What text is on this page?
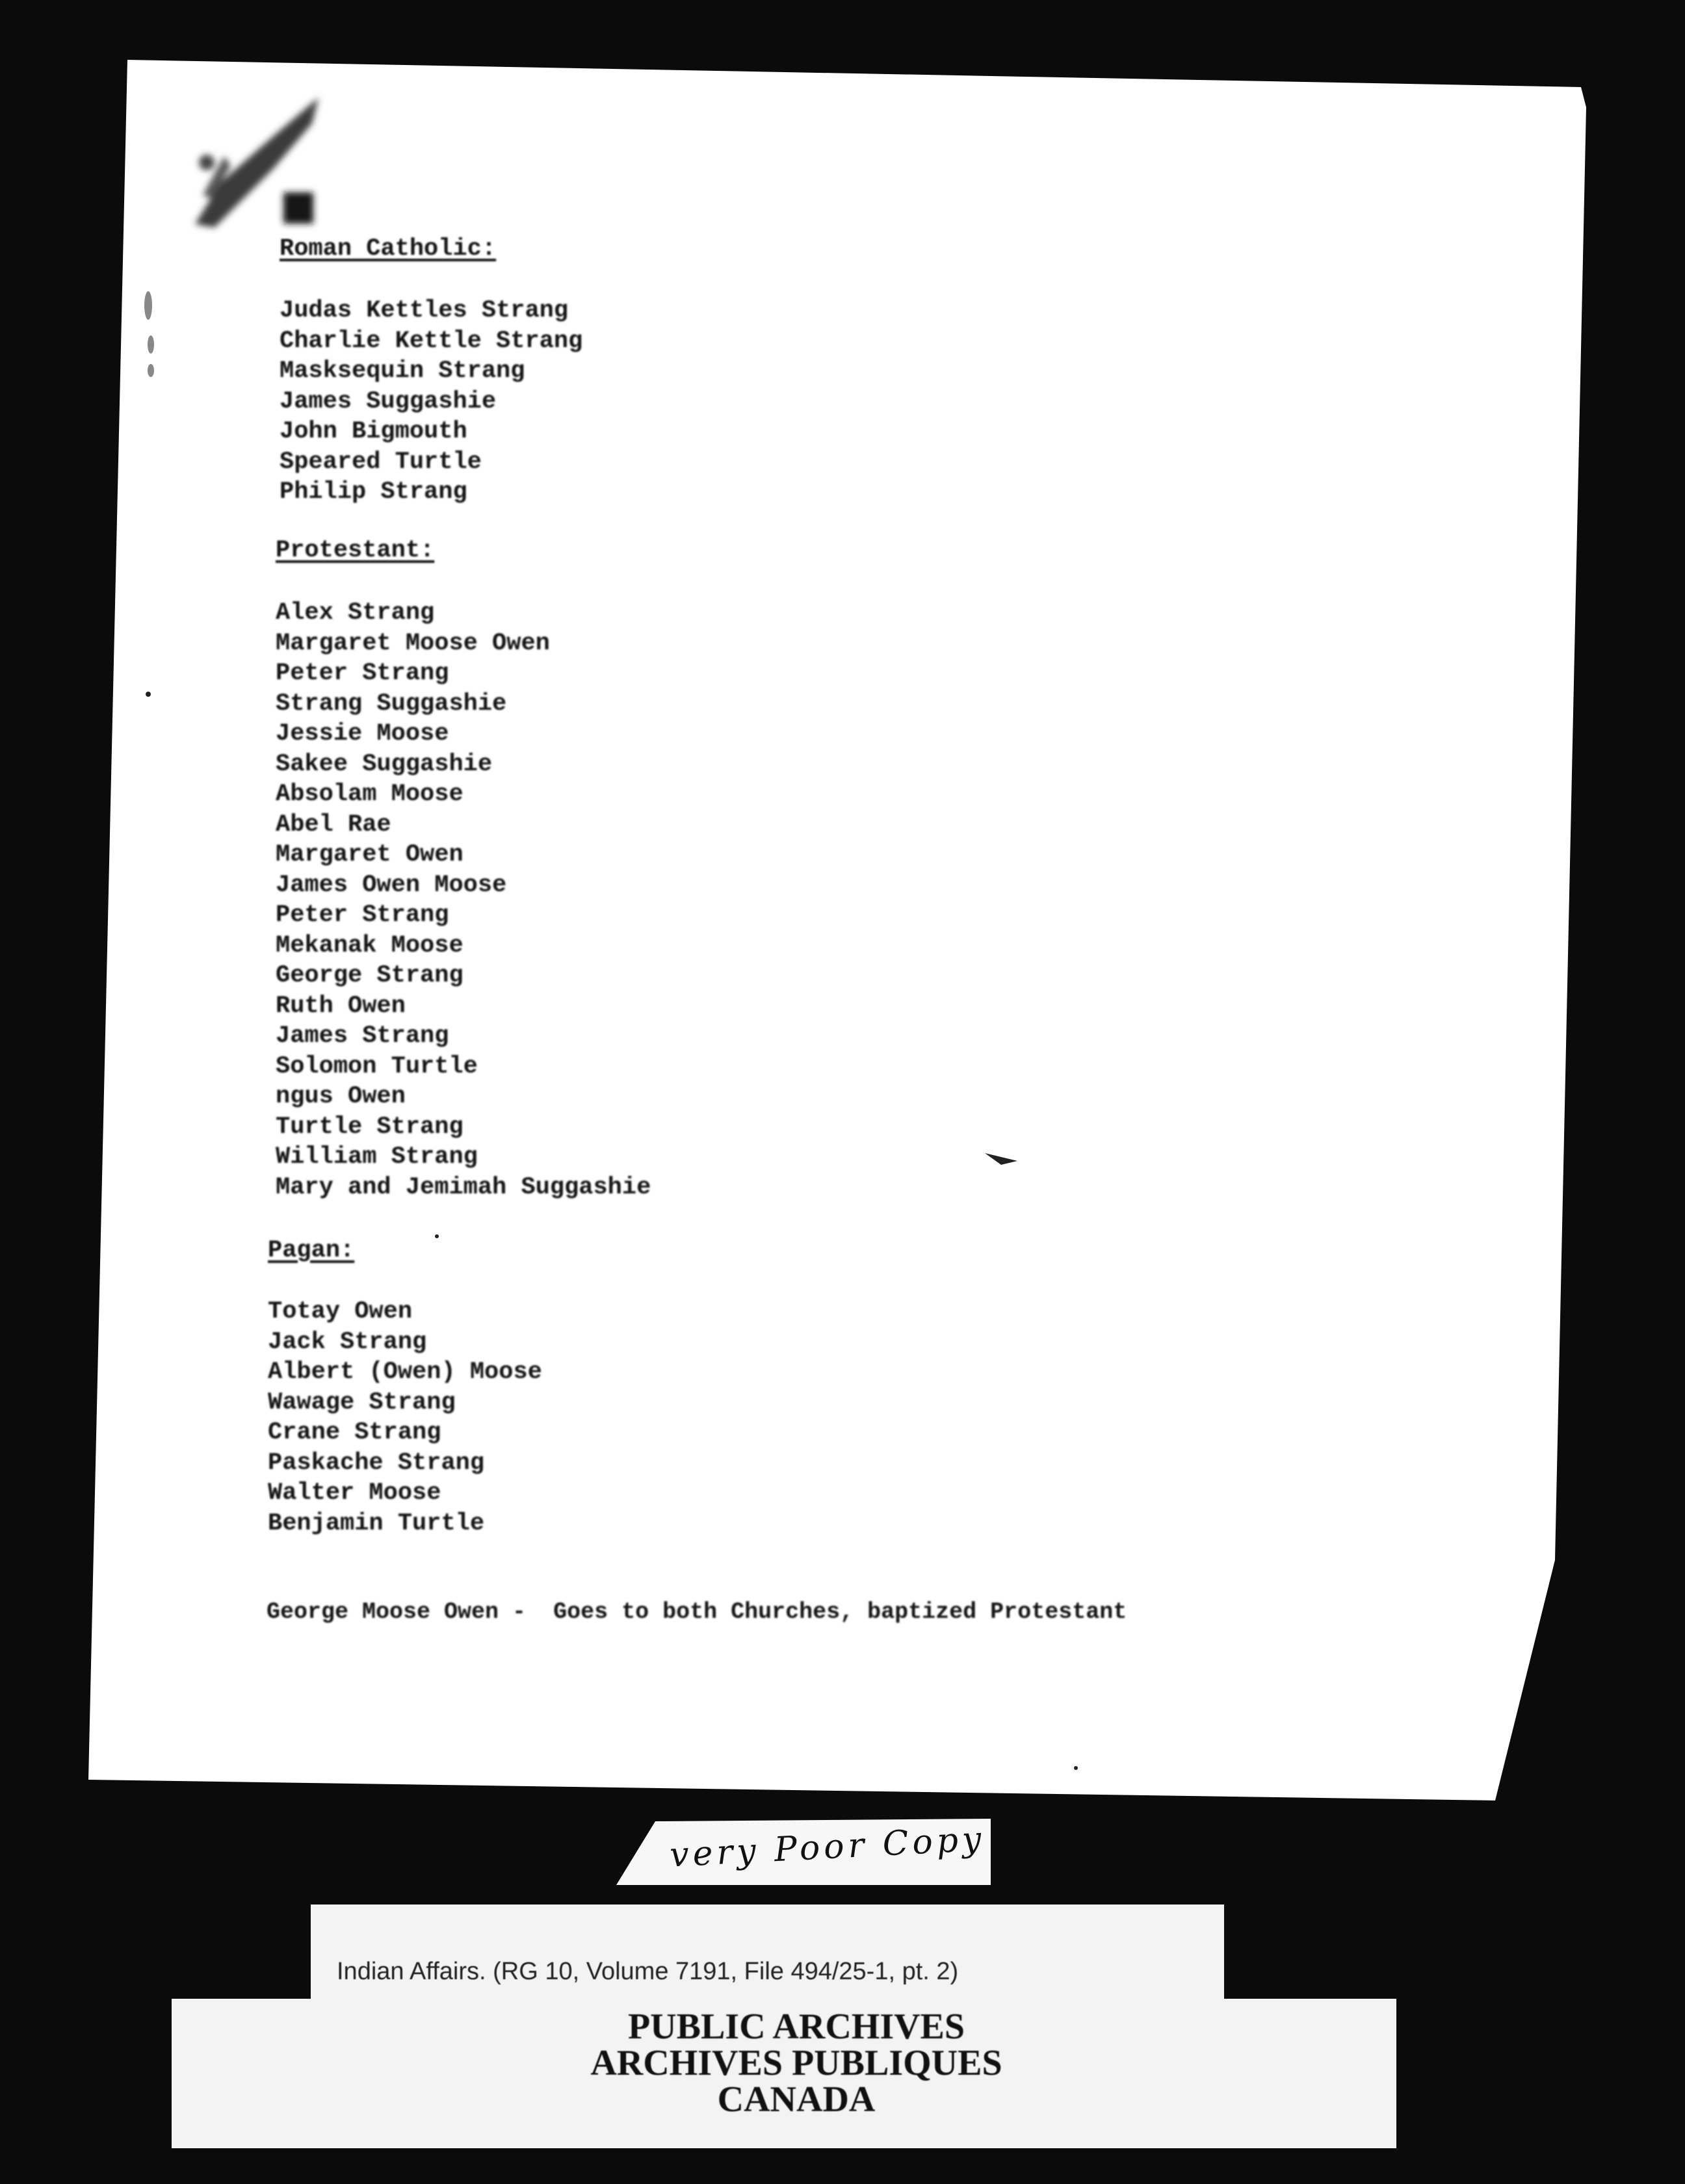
Roman Catholic:
Judas Kettles Strang
Charlie Kettle Strang
Masksequin Strang
James Suggashie
John Bigmouth
Speared Turtle
Philip Strang
Protestant:
Alex Strang
Margaret Moose Owen
Peter Strang
Strang Suggashie
Jessie Moose
Sakee Suggashie
Absolam Moose
Abel Rae
Margaret Owen
James Owen Moose
Peter Strang
Mekanak Moose
George Strang
Ruth Owen
James Strang
Solomon Turtle
ngus Owen
Turtle Strang
William Strang
Mary and Jemimah Suggashie
Pagan:
Totay Owen
Jack Strang
Albert (Owen) Moose
Wawage Strang
Crane Strang
Paskache Strang
Walter Moose
Benjamin Turtle
George Moose Owen -  Goes to both Churches, baptized Protestant
very Poor Copy
Indian Affairs. (RG 10, Volume 7191, File 494/25-1, pt. 2)
PUBLIC ARCHIVES
ARCHIVES PUBLIQUES
CANADA
